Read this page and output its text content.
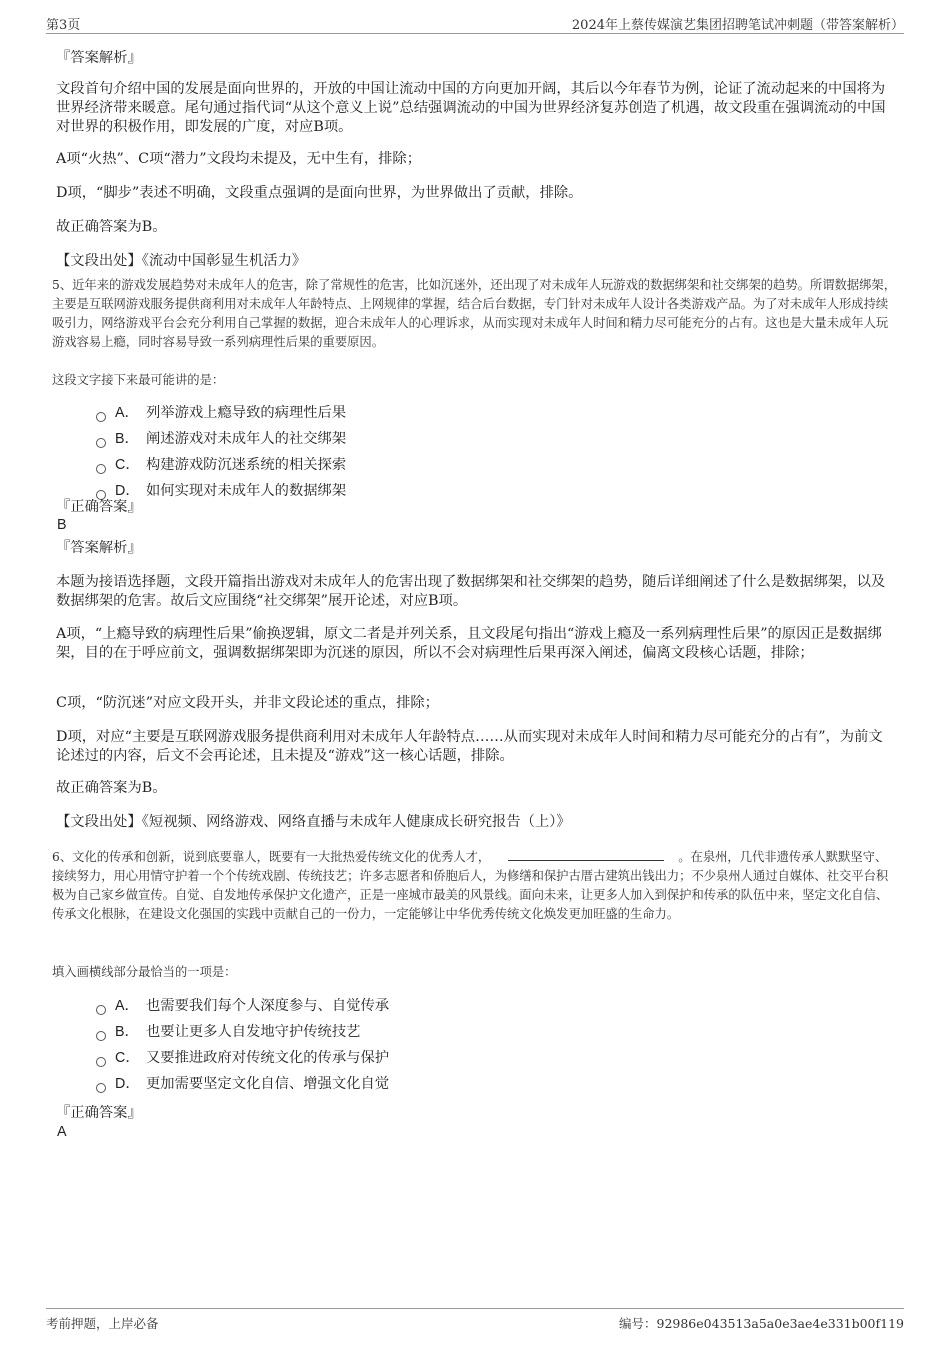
第3页	2024年上蔡传媒演艺集团招聘笔试冲刺题（带答案解析）
『答案解析』

文段首句介绍中国的发展是面向世界的，开放的中国让流动中国的方向更加开阔，其后以今年春节为例，论证了流动起来的中国将为世界经济带来暖意。尾句通过指代词“从这个意义上说”总结强调流动的中国为世界经济复苏创造了机遇，故文段重在强调流动的中国对世界的积极作用，即发展的广度，对应B项。

A项“火热”、C项“潜力”文段均未提及，无中生有，排除；

D项，“脚步”表述不明确，文段重点强调的是面向世界，为世界做出了贡献，排除。

故正确答案为B。

【文段出处】《流动中国彰显生机活力》

5、近年来的游戏发展趋势对未成年人的危害，除了常规性的危害，比如沉迷外，还出现了对未成年人玩游戏的数据绑架和社交绑架的趋势。所谓数据绑架，主要是互联网游戏服务提供商利用对未成年人年龄特点、上网规律的掌握，结合后台数据，专门针对未成年人设计各类游戏产品。为了对未成年人形成持续吸引力，网络游戏平台会充分利用自己掌握的数据，迎合未成年人的心理诉求，从而实现对未成年人时间和精力尽可能充分的占有。这也是大量未成年人玩游戏容易上瘾，同时容易导致一系列病理性后果的重要原因。

这段文字接下来最可能讲的是：
A． 列举游戏上瘾导致的病理性后果
B． 阐述游戏对未成年人的社交绑架
C． 构建游戏防沉迷系统的相关探索
D． 如何实现对未成年人的数据绑架
『正确答案』
B
『答案解析』

本题为接语选择题，文段开篇指出游戏对未成年人的危害出现了数据绑架和社交绑架的趋势，随后详细阐述了什么是数据绑架，以及数据绑架的危害。故后文应围绕“社交绑架”展开论述，对应B项。

A项，“上瘾导致的病理性后果”偷换逻辑，原文二者是并列关系，且文段尾句指出“游戏上瘾及一系列病理性后果”的原因正是数据绑架，目的在于呼应前文，强调数据绑架即为沉迷的原因，所以不会对病理性后果再深入阐述，偏离文段核心话题，排除；

C项，“防沉迷”对应文段开头，并非文段论述的重点，排除；

D项，对应“主要是互联网游戏服务提供商利用对未成年人年龄特点……从而实现对未成年人时间和精力尽可能充分的占有”，为前文论述过的内容，后文不会再论述，且未提及“游戏”这一核心话题，排除。

故正确答案为B。

【文段出处】《短视频、网络游戏、网络直播与未成年人健康成长研究报告（上）》

6、文化的传承和创新，说到底要靠人，既要有一大批热爱传统文化的优秀人才，	。在泉州，几代非遗传承人默默坚守、接续努力，用心用情守护着一个个传统戏剧、传统技艺；许多志愿者和侨胞后人，为修缮和保护古厝古建筑出钱出力；不少泉州人通过自媒体、社交平台积极为自己家乡做宣传。自觉、自发地传承保护文化遗产，正是一座城市最美的风景线。面向未来，让更多人加入到保护和传承的队伍中来，坚定文化自信、传承文化根脉，在建设文化强国的实践中贡献自己的一份力，一定能够让中华优秀传统文化焕发更加旺盛的生命力。

填入画横线部分最恰当的一项是：
A． 也需要我们每个人深度参与、自觉传承
B． 也要让更多人自发地守护传统技艺
C． 又要推进政府对传统文化的传承与保护
D． 更加需要坚定文化自信、增强文化自觉
『正确答案』
A
考前押题，上岸必备	编号：92986e043513a5a0e3ae4e331b00f119
